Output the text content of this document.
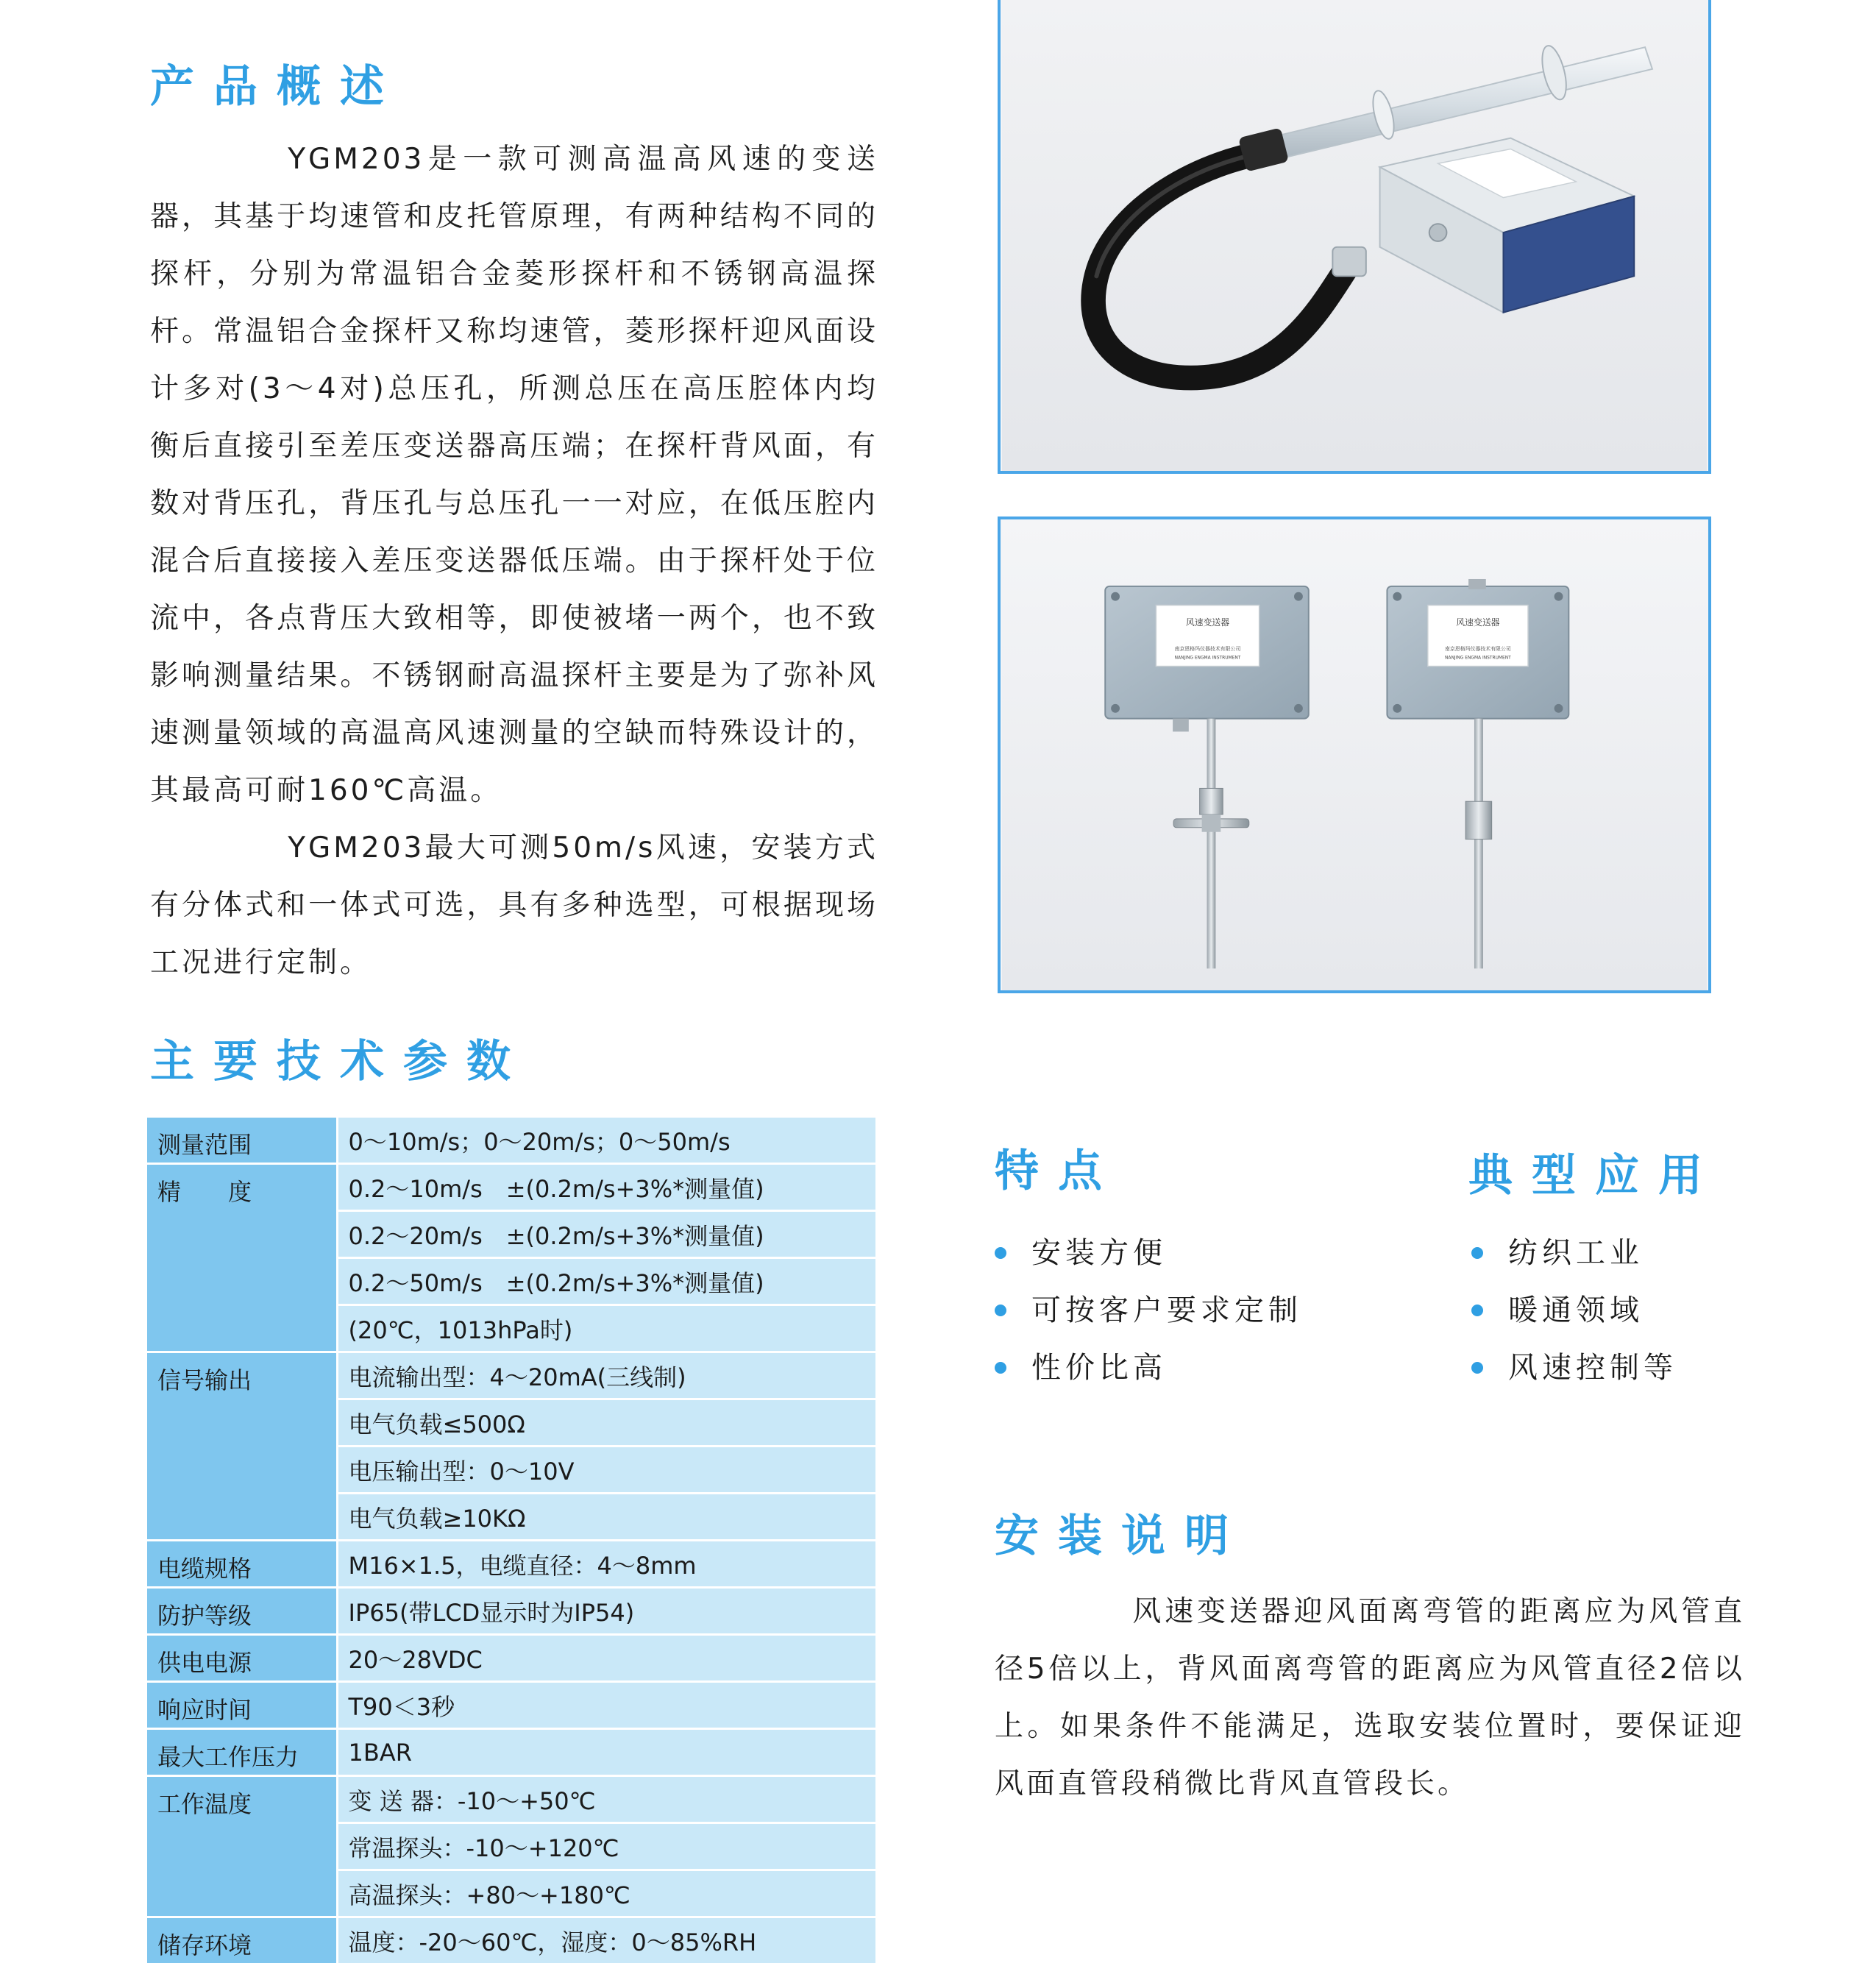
产品概述

YGM203是一款可测高温高风速的变送器，其基于均速管和皮托管原理，有两种结构不同的探杆，分别为常温铝合金菱形探杆和不锈钢高温探杆。常温铝合金探杆又称均速管，菱形探杆迎风面设计多对(3～4对)总压孔，所测总压在高压腔体内均衡后直接引至差压变送器高压端；在探杆背风面，有数对背压孔，背压孔与总压孔一一对应，在低压腔内混合后直接接入差压变送器低压端。由于探杆处于位流中，各点背压大致相等，即使被堵一两个，也不致影响测量结果。不锈钢耐高温探杆主要是为了弥补风速测量领域的高温高风速测量的空缺而特殊设计的，其最高可耐160℃高温。

YGM203最大可测50m/s风速，安装方式有分体式和一体式可选，具有多种选型，可根据现场工况进行定制。

风速变送器
南京恩格玛仪器技术有限公司
NANJING ENGMA INSTRUMENT
风速变送器
南京恩格玛仪器技术有限公司
NANJING ENGMA INSTRUMENT
主要技术参数
测量范围	0～10m/s；0～20m/s；0～50m/s
精　　度	0.2～10m/s　±(0.2m/s+3%*测量值)
	0.2～20m/s　±(0.2m/s+3%*测量值)
	0.2～50m/s　±(0.2m/s+3%*测量值)
	(20℃，1013hPa时)
信号输出	电流输出型：4～20mA(三线制)
	电气负载≤500Ω
	电压输出型：0～10V
	电气负载≥10KΩ
电缆规格	M16×1.5，电缆直径：4～8mm
防护等级	IP65(带LCD显示时为IP54)
供电电源	20～28VDC
响应时间	T90＜3秒
最大工作压力	1BAR
工作温度	变 送 器：-10～+50℃
	常温探头：-10～+120℃
	高温探头：+80～+180℃
储存环境	温度：-20～60℃，湿度：0～85%RH
特点
安装方便
可按客户要求定制
性价比高
典型应用
纺织工业
暖通领域
风速控制等
安装说明

风速变送器迎风面离弯管的距离应为风管直径5倍以上，背风面离弯管的距离应为风管直径2倍以上。如果条件不能满足，选取安装位置时，要保证迎风面直管段稍微比背风直管段长。
